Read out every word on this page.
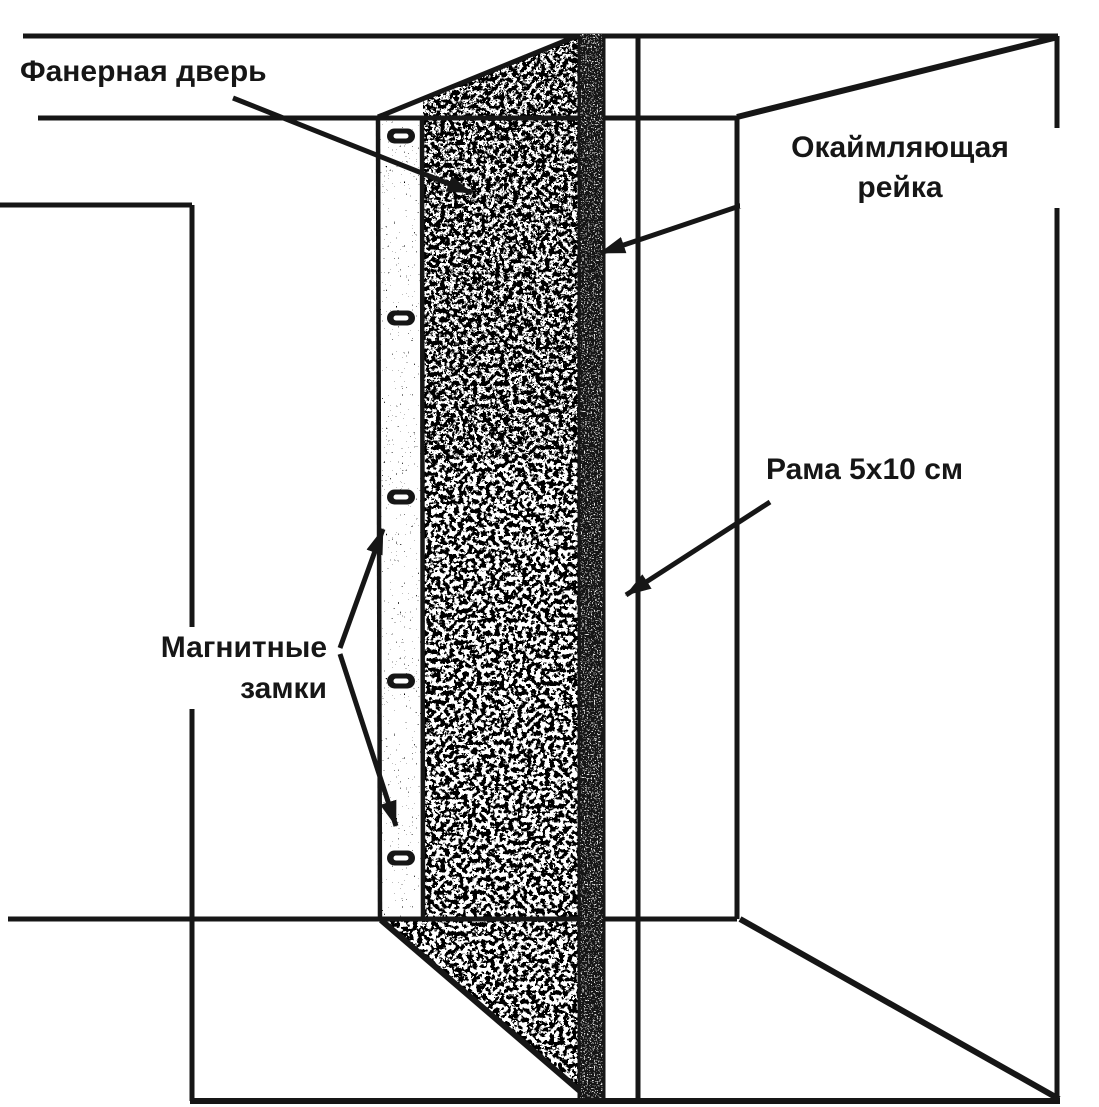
Фанерная дверь
Окаймляющая
рейка
Рама 5х10 см
Магнитные
замки
